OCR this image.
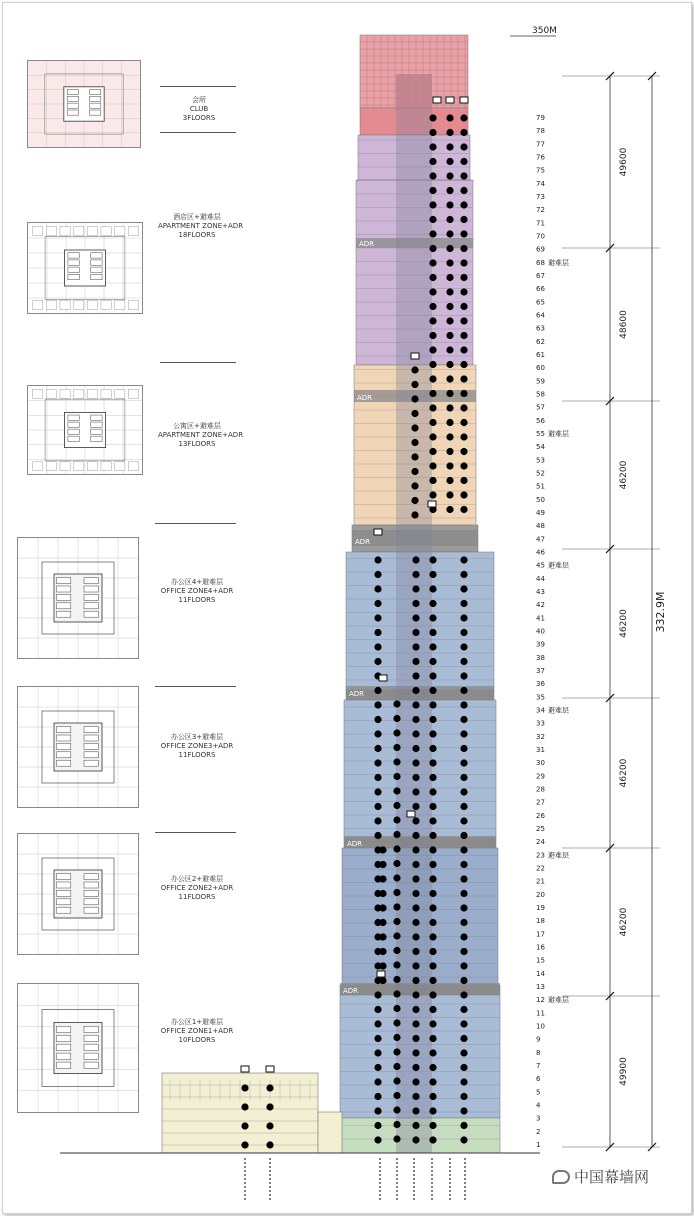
会所
CLUB
3FLOORS
酒店区+避难层
APARTMENT ZONE+ADR
18FLOORS
公寓区+避难层
APARTMENT ZONE+ADR
13FLOORS
办公区4+避难层
OFFICE ZONE4+ADR
11FLOORS
办公区3+避难层
OFFICE ZONE3+ADR
11FLOORS
办公区2+避难层
OFFICE ZONE2+ADR
11FLOORS
办公区1+避难层
OFFICE ZONE1+ADR
10FLOORS
ADR
ADR
ADR
ADR
ADR
ADR
1
2
3
4
5
6
7
8
9
10
11
12
13
14
15
16
17
18
19
20
21
22
23
24
25
26
27
28
29
30
31
32
33
34
35
36
37
38
39
40
41
42
43
44
45
46
47
48
49
50
51
52
53
54
55
56
57
58
59
60
61
62
63
64
65
66
67
68
69
70
71
72
73
74
75
76
77
78
79
避难层
避难层
避难层
避难层
避难层
避难层
49600
48600
46200
46200
46200
46200
49900
350M
332.9M
中国幕墙网
